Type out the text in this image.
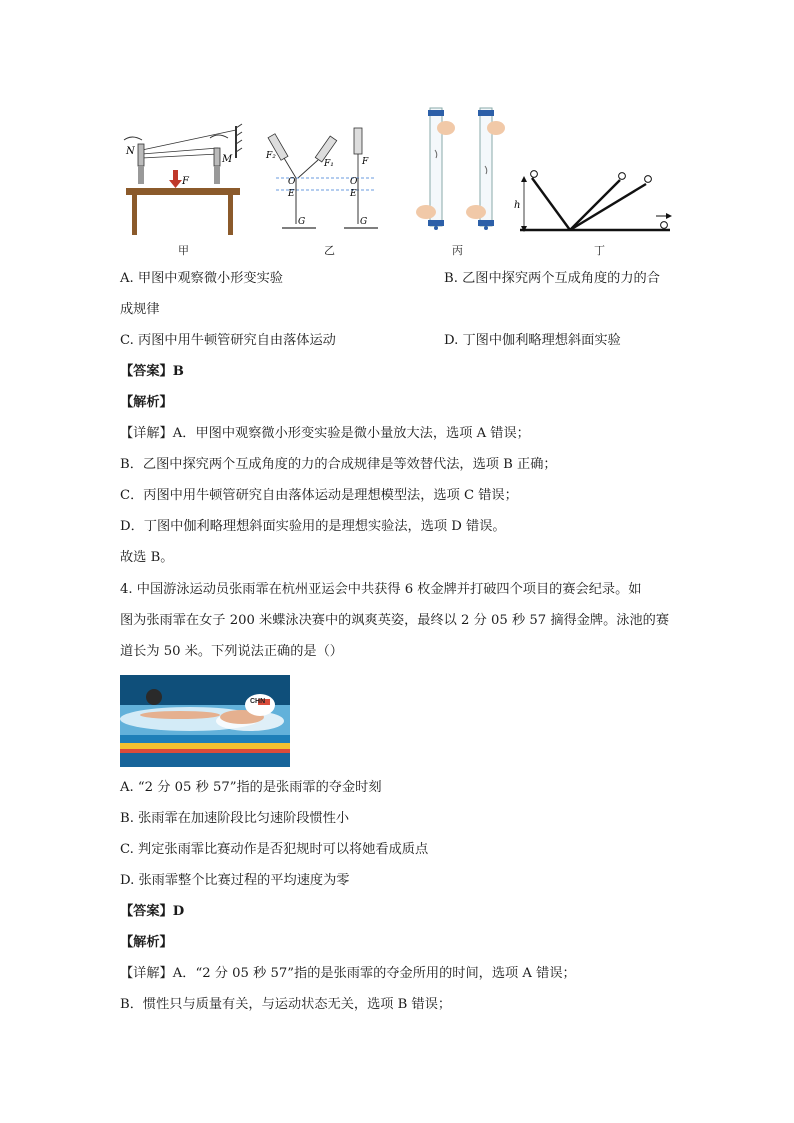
N
M
F
甲
F₂
F₁	F
O	O
E	E
G	G
乙	丙
h
丁
A. 甲图中观察微小形变实验	B. 乙图中探究两个互成角度的力的合
成规律
C. 丙图中用牛顿管研究自由落体运动	D. 丁图中伽利略理想斜面实验
【答案】B
【解析】
【详解】A．甲图中观察微小形变实验是微小量放大法，选项 A 错误；
B．乙图中探究两个互成角度的力的合成规律是等效替代法，选项 B 正确；
C．丙图中用牛顿管研究自由落体运动是理想模型法，选项 C 错误；
D．丁图中伽利略理想斜面实验用的是理想实验法，选项 D 错误。
故选 B。
4. 中国游泳运动员张雨霏在杭州亚运会中共获得 6 枚金牌并打破四个项目的赛会纪录。如
图为张雨霏在女子 200 米蝶泳决赛中的飒爽英姿，最终以 2 分 05 秒 57 摘得金牌。泳池的赛
道长为 50 米。下列说法正确的是（）
CHN
A. “2 分 05 秒 57”指的是张雨霏的夺金时刻
B. 张雨霏在加速阶段比匀速阶段惯性小
C. 判定张雨霏比赛动作是否犯规时可以将她看成质点
D. 张雨霏整个比赛过程的平均速度为零
【答案】D
【解析】
【详解】A．“2 分 05 秒 57”指的是张雨霏的夺金所用的时间，选项 A 错误；
B．惯性只与质量有关，与运动状态无关，选项 B 错误；
